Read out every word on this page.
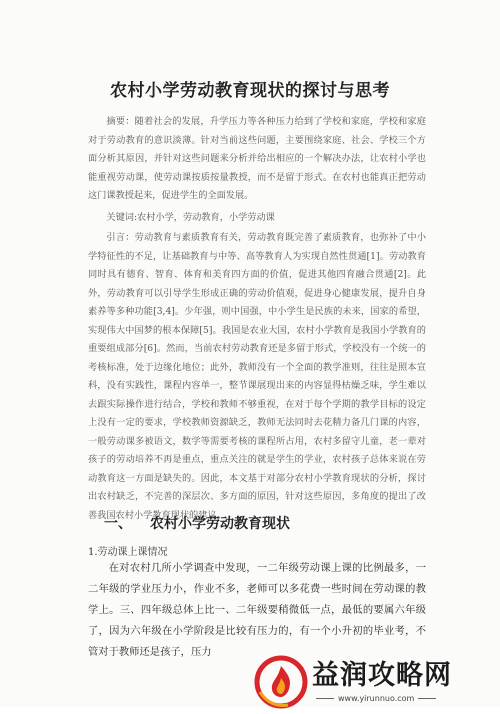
农村小学劳动教育现状的探讨与思考
摘要：随着社会的发展，升学压力等各种压力给到了学校和家庭，学校和家庭对于劳动教育的意识淡薄。针对当前这些问题，主要围绕家庭、社会、学校三个方面分析其原因，并针对这些问题来分析并给出相应的一个解决办法，让农村小学也能重视劳动课，使劳动课按质按量教授，而不是留于形式。在农村也能真正把劳动这门课教授起来，促进学生的全面发展。
关键词:农村小学，劳动教育，小学劳动课
引言：劳动教育与素质教育有关，劳动教育既完善了素质教育，也弥补了中小学特征性的不足，让基础教育与中等、高等教育人为实现自然性贯通[1]。劳动教育同时具有德育、智育、体育和美育四方面的价值，促进其他四育融合贯通[2]。此外，劳动教育可以引导学生形成正确的劳动价值观，促进身心健康发展，提升自身素养等多种功能[3,4]。少年强，则中国强，中小学生是民族的未来，国家的希望，实现伟大中国梦的根本保障[5]。我国是农业大国，农村小学教育是我国小学教育的重要组成部分[6]。然而，当前农村劳动教育还是多留于形式，学校没有一个统一的考核标准，处于边缘化地位；此外，教师没有一个全面的教学准则，往往是照本宣科，没有实践性，课程内容单一，整节课展现出来的内容显得枯燥乏味，学生难以去跟实际操作进行结合，学校和教师不够重视，在对于每个学期的教学目标的设定上没有一定的要求，学校教师资源缺乏，教师无法同时去花精力备几门课的内容，一般劳动课多被语文，数学等需要考核的课程所占用，农村多留守儿童，老一辈对孩子的劳动培养不再是重点，重点关注的就是学生的学业，农村孩子总体来说在劳动教育这一方面是缺失的。因此，本文基于对部分农村小学教育现状的分析，探讨出农村缺乏，不完善的深层次、多方面的原因，针对这些原因，多角度的提出了改善我国农村小学教育现状的建议。
一、 农村小学劳动教育现状
1.劳动课上课情况
在对农村几所小学调查中发现，一二年级劳动课上课的比例最多，一二年级的学业压力小，作业不多，老师可以多花费一些时间在劳动课的教学上。三、四年级总体上比一、二年级要稍微低一点，最低的要属六年级了，因为六年级在小学阶段是比较有压力的，有一个小升初的毕业考，不管对于教师还是孩子，压力
益润攻略网
www.yirunnuo.com
